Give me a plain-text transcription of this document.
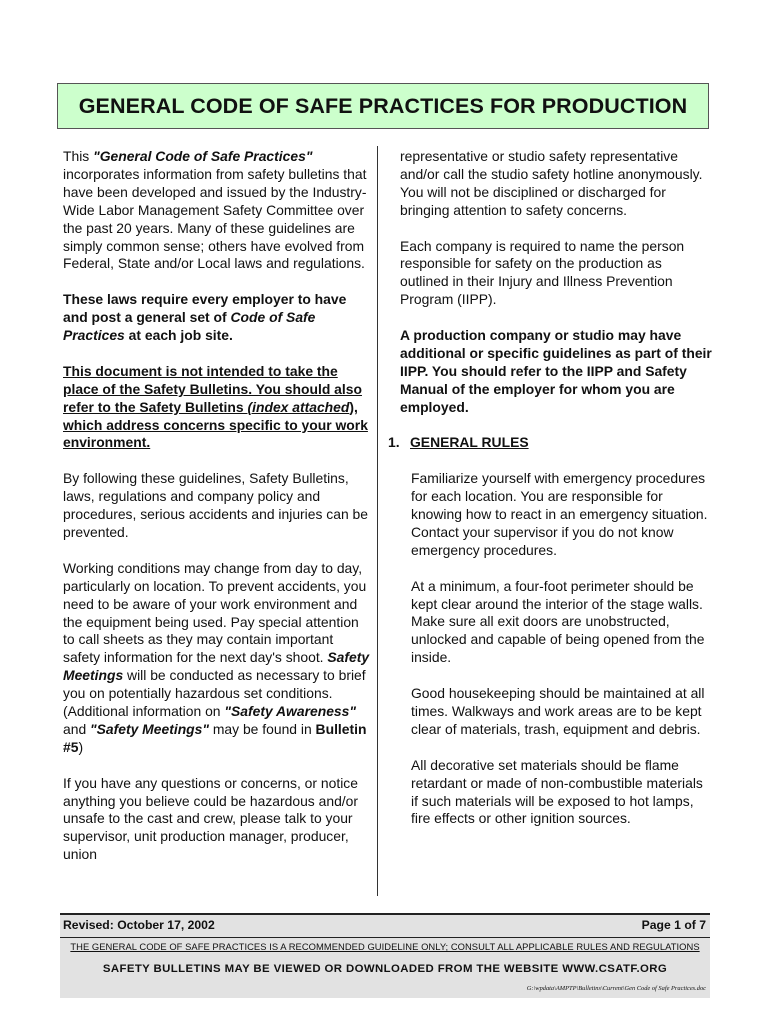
GENERAL CODE OF SAFE PRACTICES FOR PRODUCTION

This "General Code of Safe Practices" incorporates information from safety bulletins that have been developed and issued by the Industry-Wide Labor Management Safety Committee over the past 20 years. Many of these guidelines are simply common sense; others have evolved from Federal, State and/or Local laws and regulations.

These laws require every employer to have and post a general set of Code of Safe Practices at each job site.

This document is not intended to take the place of the Safety Bulletins. You should also refer to the Safety Bulletins (index attached), which address concerns specific to your work environment.

By following these guidelines, Safety Bulletins, laws, regulations and company policy and procedures, serious accidents and injuries can be prevented.

Working conditions may change from day to day, particularly on location. To prevent accidents, you need to be aware of your work environment and the equipment being used. Pay special attention to call sheets as they may contain important safety information for the next day's shoot. Safety Meetings will be conducted as necessary to brief you on potentially hazardous set conditions. (Additional information on "Safety Awareness" and "Safety Meetings" may be found in Bulletin #5)

If you have any questions or concerns, or notice anything you believe could be hazardous and/or unsafe to the cast and crew, please talk to your supervisor, unit production manager, producer, union

representative or studio safety representative and/or call the studio safety hotline anonymously. You will not be disciplined or discharged for bringing attention to safety concerns.

Each company is required to name the person responsible for safety on the production as outlined in their Injury and Illness Prevention Program (IIPP).

A production company or studio may have additional or specific guidelines as part of their IIPP. You should refer to the IIPP and Safety Manual of the employer for whom you are employed.

1. GENERAL RULES

Familiarize yourself with emergency procedures for each location. You are responsible for knowing how to react in an emergency situation. Contact your supervisor if you do not know emergency procedures.

At a minimum, a four-foot perimeter should be kept clear around the interior of the stage walls. Make sure all exit doors are unobstructed, unlocked and capable of being opened from the inside.

Good housekeeping should be maintained at all times. Walkways and work areas are to be kept clear of materials, trash, equipment and debris.

All decorative set materials should be flame retardant or made of non-combustible materials if such materials will be exposed to hot lamps, fire effects or other ignition sources.

Revised: October 17, 2002	Page 1 of 7
THE GENERAL CODE OF SAFE PRACTICES IS A RECOMMENDED GUIDELINE ONLY; CONSULT ALL APPLICABLE RULES AND REGULATIONS
SAFETY BULLETINS MAY BE VIEWED OR DOWNLOADED FROM THE WEBSITE WWW.CSATF.ORG
G:\wpdata\AMPTP\Bulletins\Current\Gen Code of Safe Practices.doc
